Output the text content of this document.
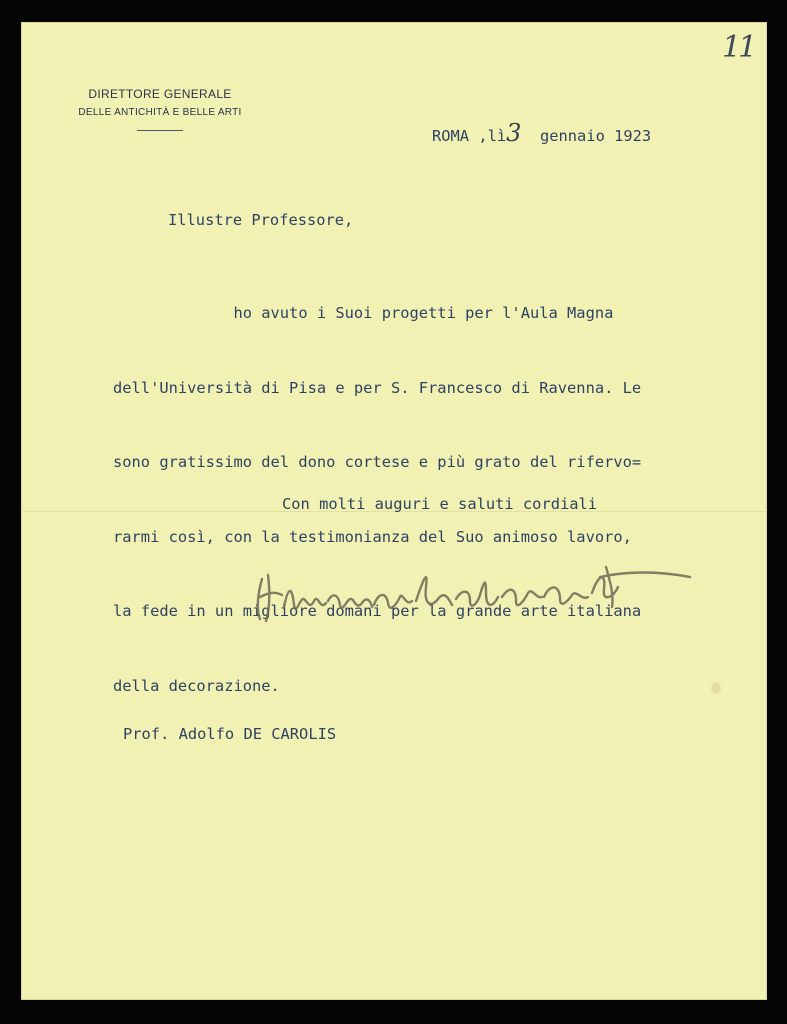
11
DIRETTORE GENERALE
DELLE ANTICHITÀ E BELLE ARTI
ROMA ,lì3 gennaio 1923
Illustre Professore,

ho avuto i Suoi progetti per l'Aula Magna

dell'Università di Pisa e per S. Francesco di Ravenna. Le

sono gratissimo del dono cortese e più grato del rifervo=

rarmi così, con la testimonianza del Suo animoso lavoro,

la fede in un migliore domani per la grande arte italiana

della decorazione.

Con molti auguri e saluti cordiali
Prof. Adolfo DE CAROLIS
